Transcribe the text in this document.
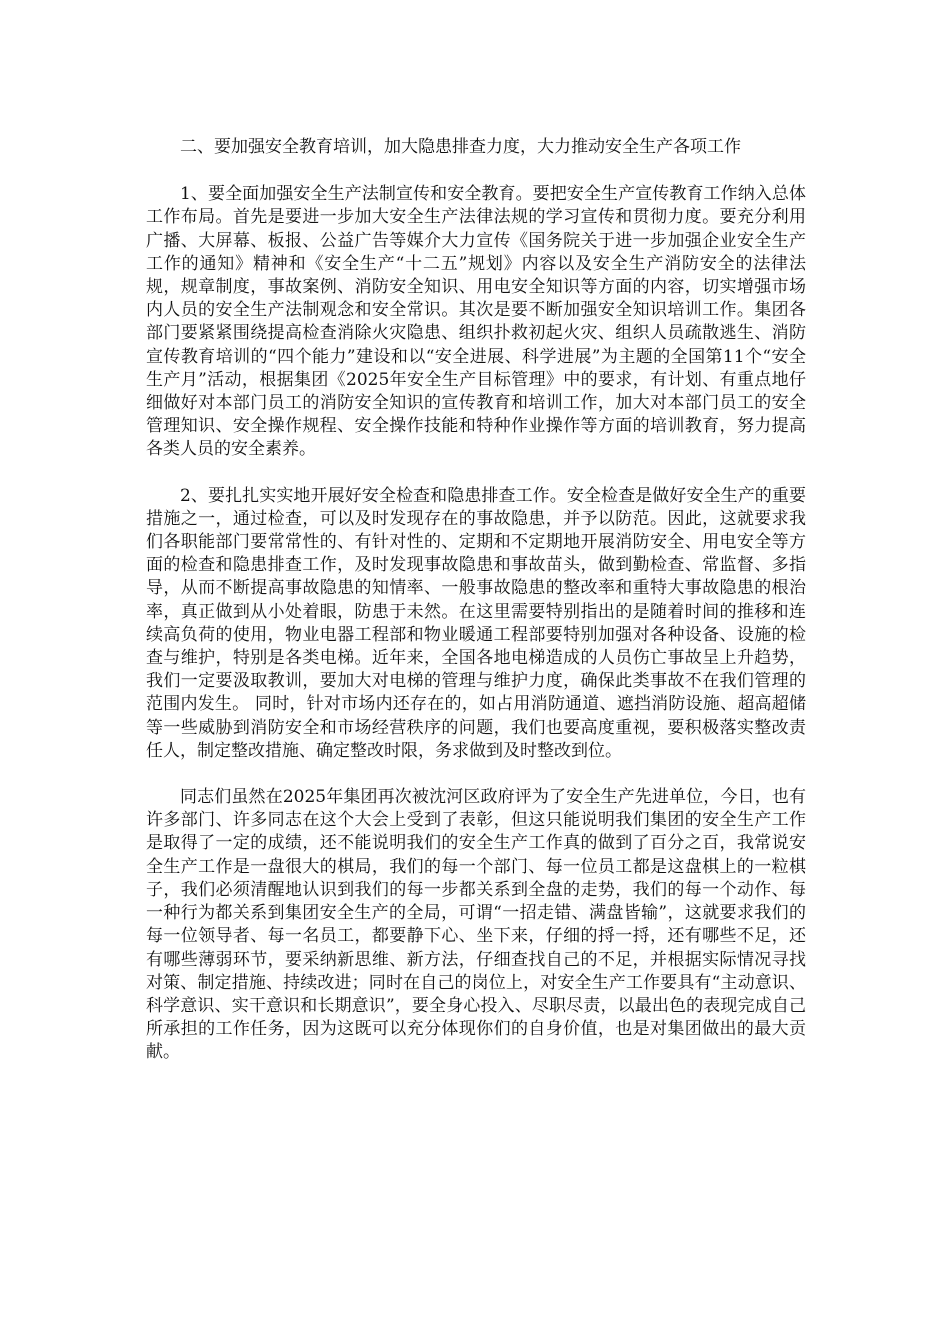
二、要加强安全教育培训，加大隐患排查力度，大力推动安全生产各项工作

1、要全面加强安全生产法制宣传和安全教育。要把安全生产宣传教育工作纳入总体工作布局。首先是要进一步加大安全生产法律法规的学习宣传和贯彻力度。要充分利用广播、大屏幕、板报、公益广告等媒介大力宣传《国务院关于进一步加强企业安全生产工作的通知》精神和《安全生产“十二五”规划》内容以及安全生产消防安全的法律法规，规章制度，事故案例、消防安全知识、用电安全知识等方面的内容，切实增强市场内人员的安全生产法制观念和安全常识。其次是要不断加强安全知识培训工作。集团各部门要紧紧围绕提高检查消除火灾隐患、组织扑救初起火灾、组织人员疏散逃生、消防宣传教育培训的“四个能力”建设和以“安全进展、科学进展”为主题的全国第11个“安全生产月”活动，根据集团《2025年安全生产目标管理》中的要求，有计划、有重点地仔细做好对本部门员工的消防安全知识的宣传教育和培训工作，加大对本部门员工的安全管理知识、安全操作规程、安全操作技能和特种作业操作等方面的培训教育，努力提高各类人员的安全素养。

2、要扎扎实实地开展好安全检查和隐患排查工作。安全检查是做好安全生产的重要措施之一，通过检查，可以及时发现存在的事故隐患，并予以防范。因此，这就要求我们各职能部门要常常性的、有针对性的、定期和不定期地开展消防安全、用电安全等方面的检查和隐患排查工作，及时发现事故隐患和事故苗头，做到勤检查、常监督、多指导，从而不断提高事故隐患的知情率、一般事故隐患的整改率和重特大事故隐患的根治率，真正做到从小处着眼，防患于未然。在这里需要特别指出的是随着时间的推移和连续高负荷的使用，物业电器工程部和物业暖通工程部要特别加强对各种设备、设施的检查与维护，特别是各类电梯。近年来，全国各地电梯造成的人员伤亡事故呈上升趋势，我们一定要汲取教训，要加大对电梯的管理与维护力度，确保此类事故不在我们管理的范围内发生。 同时，针对市场内还存在的，如占用消防通道、遮挡消防设施、超高超储等一些威胁到消防安全和市场经营秩序的问题，我们也要高度重视，要积极落实整改责任人，制定整改措施、确定整改时限，务求做到及时整改到位。

同志们虽然在2025年集团再次被沈河区政府评为了安全生产先进单位，今日，也有许多部门、许多同志在这个大会上受到了表彰，但这只能说明我们集团的安全生产工作是取得了一定的成绩，还不能说明我们的安全生产工作真的做到了百分之百，我常说安全生产工作是一盘很大的棋局，我们的每一个部门、每一位员工都是这盘棋上的一粒棋子，我们必须清醒地认识到我们的每一步都关系到全盘的走势，我们的每一个动作、每一种行为都关系到集团安全生产的全局，可谓“一招走错、满盘皆输”，这就要求我们的每一位领导者、每一名员工，都要静下心、坐下来，仔细的捋一捋，还有哪些不足，还有哪些薄弱环节，要采纳新思维、新方法，仔细查找自己的不足，并根据实际情况寻找对策、制定措施、持续改进；同时在自己的岗位上，对安全生产工作要具有“主动意识、科学意识、实干意识和长期意识”，要全身心投入、尽职尽责，以最出色的表现完成自己所承担的工作任务，因为这既可以充分体现你们的自身价值，也是对集团做出的最大贡献。
